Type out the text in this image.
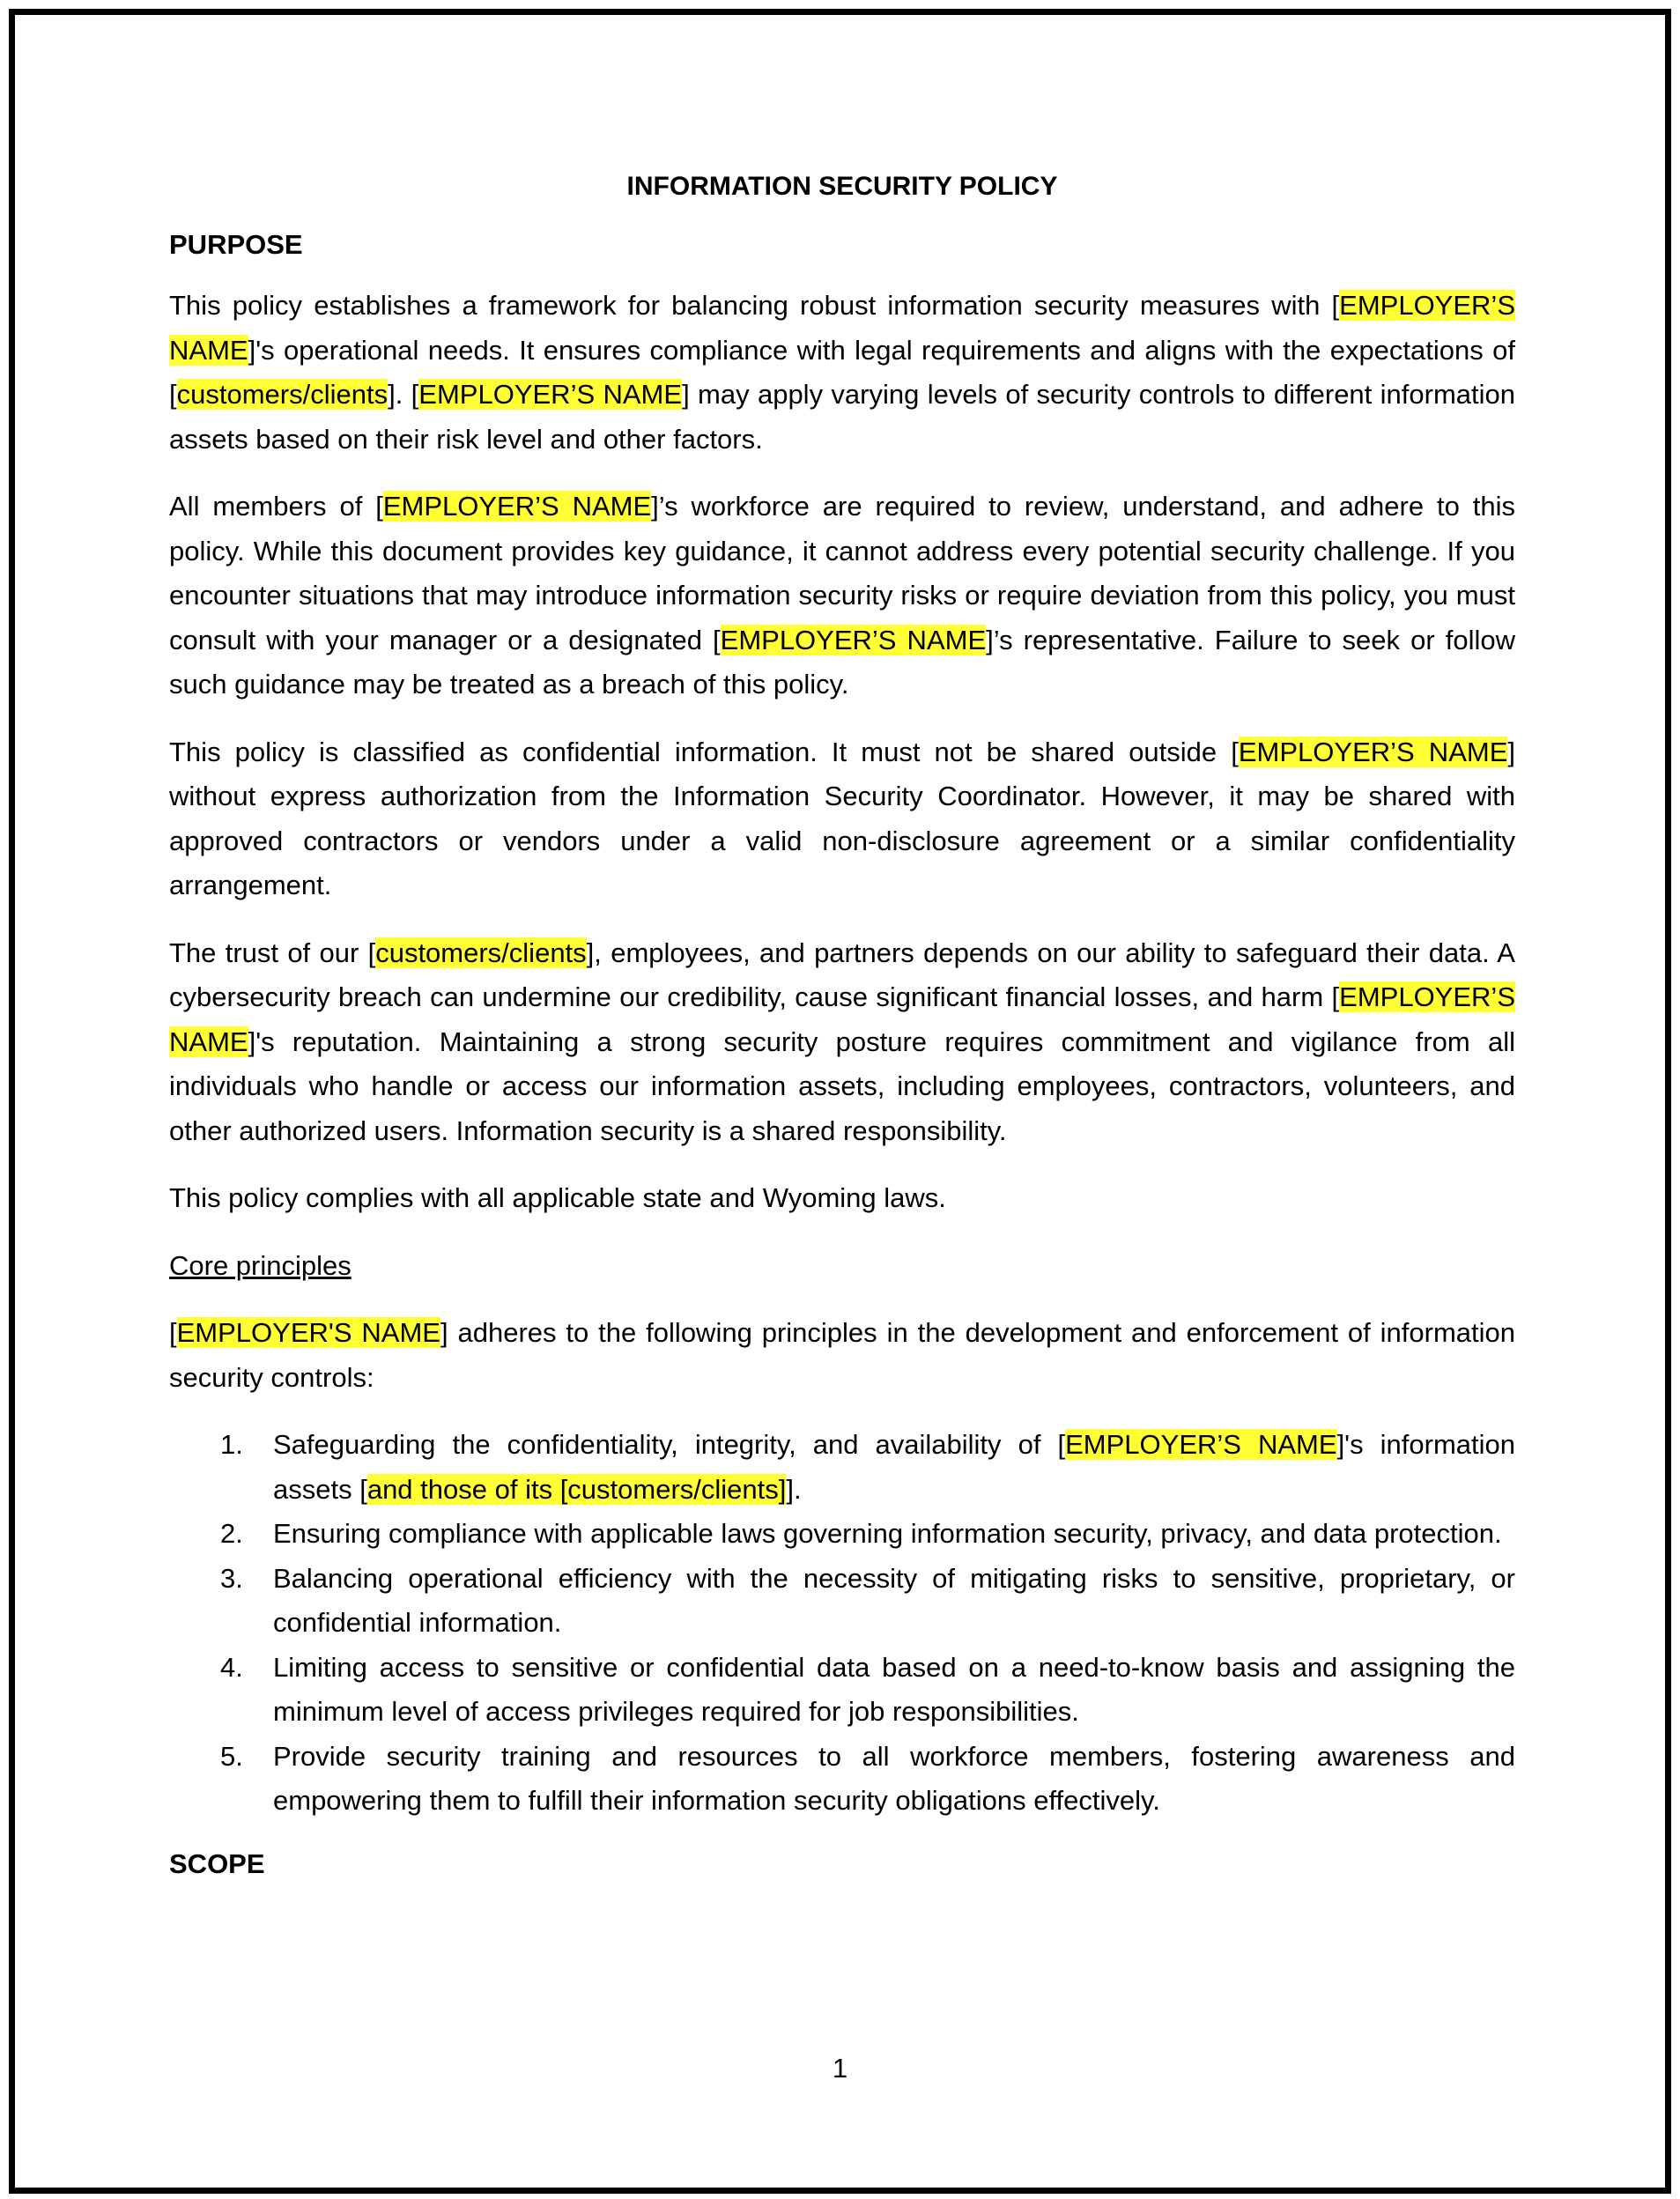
INFORMATION SECURITY POLICY
PURPOSE

This policy establishes a framework for balancing robust information security measures with [EMPLOYER’S NAME]'s operational needs. It ensures compliance with legal requirements and aligns with the expectations of [customers/clients]. [EMPLOYER’S NAME] may apply varying levels of security controls to different information assets based on their risk level and other factors.

All members of [EMPLOYER’S NAME]’s workforce are required to review, understand, and adhere to this policy. While this document provides key guidance, it cannot address every potential security challenge. If you encounter situations that may introduce information security risks or require deviation from this policy, you must consult with your manager or a designated [EMPLOYER’S NAME]’s representative. Failure to seek or follow such guidance may be treated as a breach of this policy.

This policy is classified as confidential information. It must not be shared outside [EMPLOYER’S NAME] without express authorization from the Information Security Coordinator. However, it may be shared with approved contractors or vendors under a valid non-disclosure agreement or a similar confidentiality arrangement.

The trust of our [customers/clients], employees, and partners depends on our ability to safeguard their data. A cybersecurity breach can undermine our credibility, cause significant financial losses, and harm [EMPLOYER’S NAME]'s reputation. Maintaining a strong security posture requires commitment and vigilance from all individuals who handle or access our information assets, including employees, contractors, volunteers, and other authorized users. Information security is a shared responsibility.

This policy complies with all applicable state and Wyoming laws.

Core principles

[EMPLOYER'S NAME] adheres to the following principles in the development and enforcement of information security controls:

1. Safeguarding the confidentiality, integrity, and availability of [EMPLOYER’S NAME]'s information assets [and those of its [customers/clients]].
2. Ensuring compliance with applicable laws governing information security, privacy, and data protection.
3. Balancing operational efficiency with the necessity of mitigating risks to sensitive, proprietary, or confidential information.
4. Limiting access to sensitive or confidential data based on a need-to-know basis and assigning the minimum level of access privileges required for job responsibilities.
5. Provide security training and resources to all workforce members, fostering awareness and empowering them to fulfill their information security obligations effectively.
SCOPE
1
